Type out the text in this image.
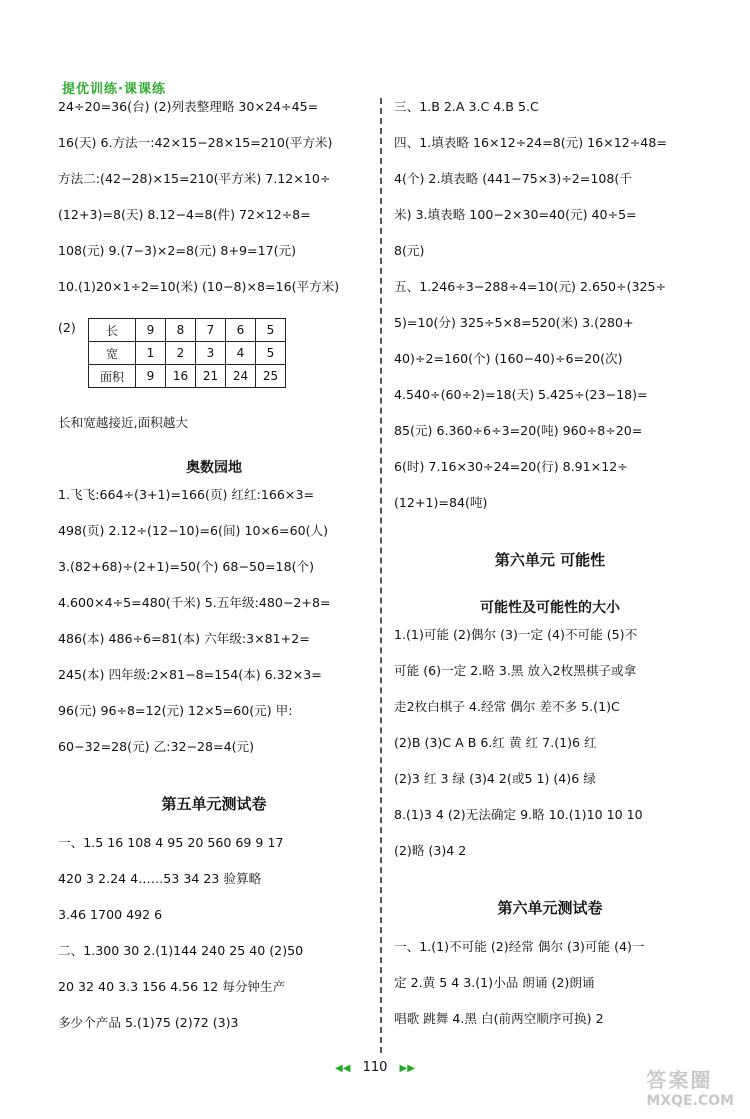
提优训练·课课练
24÷20=36(台) (2)列表整理略 30×24÷45=
16(天) 6.方法一:42×15−28×15=210(平方米)
方法二:(42−28)×15=210(平方米) 7.12×10÷
(12+3)=8(天) 8.12−4=8(件) 72×12÷8=
108(元) 9.(7−3)×2=8(元) 8+9=17(元)
10.(1)20×1÷2=10(米) (10−8)×8=16(平方米)
(2)	长	9	8	7	6	5
宽	1	2	3	4	5
面积	9	16	21	24	25
长和宽越接近,面积越大
奥数园地
1.飞飞:664÷(3+1)=166(页) 红红:166×3=
498(页) 2.12÷(12−10)=6(间) 10×6=60(人)
3.(82+68)÷(2+1)=50(个) 68−50=18(个)
4.600×4÷5=480(千米) 5.五年级:480−2+8=
486(本) 486÷6=81(本) 六年级:3×81+2=
245(本) 四年级:2×81−8=154(本) 6.32×3=
96(元) 96÷8=12(元) 12×5=60(元) 甲:
60−32=28(元) 乙:32−28=4(元)
第五单元测试卷
一、1.5 16 108 4 95 20 560 69 9 17
420 3 2.24 4……53 34 23 验算略
3.46 1700 492 6
二、1.300 30 2.(1)144 240 25 40 (2)50
20 32 40 3.3 156 4.56 12 每分钟生产
多少个产品 5.(1)75 (2)72 (3)3
三、1.B 2.A 3.C 4.B 5.C
四、1.填表略 16×12÷24=8(元) 16×12÷48=
4(个) 2.填表略 (441−75×3)÷2=108(千
米) 3.填表略 100−2×30=40(元) 40÷5=
8(元)
五、1.246÷3−288÷4=10(元) 2.650÷(325÷
5)=10(分) 325÷5×8=520(米) 3.(280+
40)÷2=160(个) (160−40)÷6=20(次)
4.540÷(60÷2)=18(天) 5.425÷(23−18)=
85(元) 6.360÷6÷3=20(吨) 960÷8÷20=
6(时) 7.16×30÷24=20(行) 8.91×12÷
(12+1)=84(吨)
第六单元 可能性
可能性及可能性的大小
1.(1)可能 (2)偶尔 (3)一定 (4)不可能 (5)不
可能 (6)一定 2.略 3.黑 放入2枚黑棋子或拿
走2枚白棋子 4.经常 偶尔 差不多 5.(1)C
(2)B (3)C A B 6.红 黄 红 7.(1)6 红
(2)3 红 3 绿 (3)4 2(或5 1) (4)6 绿
8.(1)3 4 (2)无法确定 9.略 10.(1)10 10 10
(2)略 (3)4 2
第六单元测试卷
一、1.(1)不可能 (2)经常 偶尔 (3)可能 (4)一
定 2.黄 5 4 3.(1)小品 朗诵 (2)朗诵
唱歌 跳舞 4.黑 白(前两空顺序可换) 2
◀◀ 110 ▶▶	答案圈
MXQE.COM
